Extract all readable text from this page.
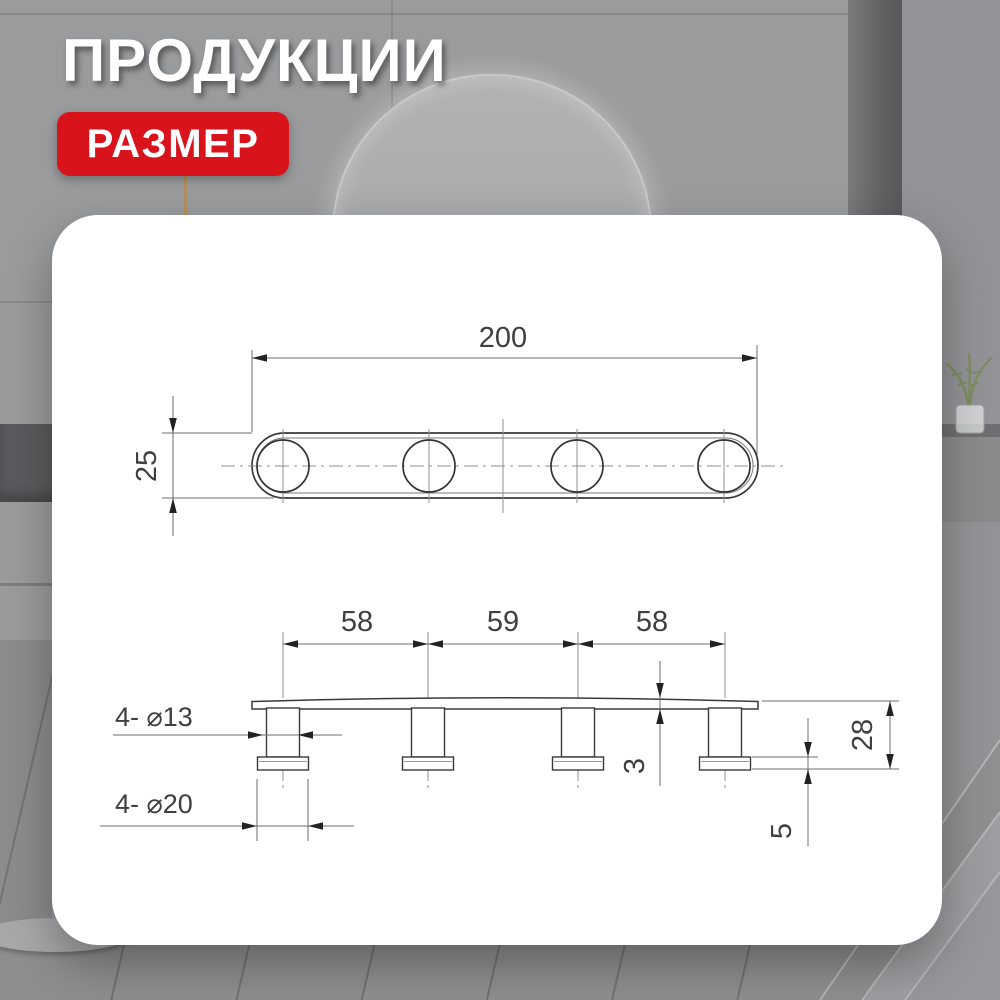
ПРОДУКЦИИ
РАЗМЕР
200
25
58	59	58
4- ⌀13
4- ⌀20
3
28
5
